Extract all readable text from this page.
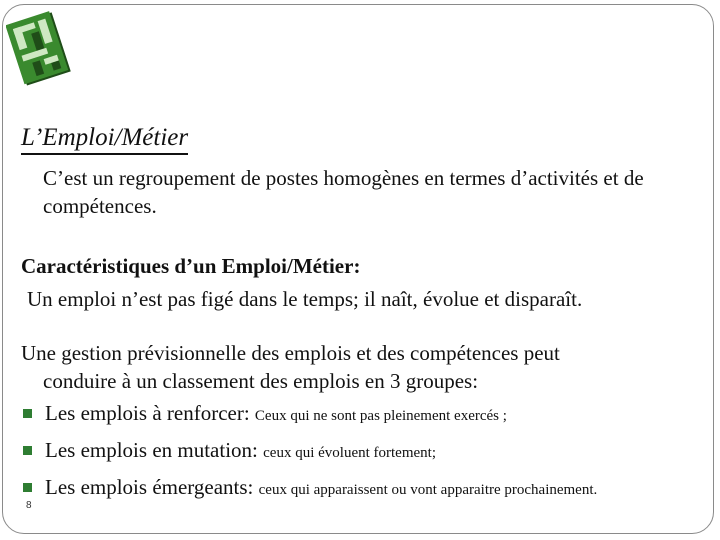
L’Emploi/Métier

C’est un regroupement de postes homogènes en termes d’activités et de compétences.

Caractéristiques d’un Emploi/Métier:
Un emploi n’est pas figé dans le temps; il naît, évolue et disparaît.
Une gestion prévisionnelle des emplois et des compétences peut
conduire à un classement des emplois en 3 groupes:
Les emplois à renforcer: Ceux qui ne sont pas pleinement exercés ;
Les emplois en mutation: ceux qui évoluent fortement;
Les emplois émergeants: ceux qui apparaissent ou vont apparaitre prochainement.
8
